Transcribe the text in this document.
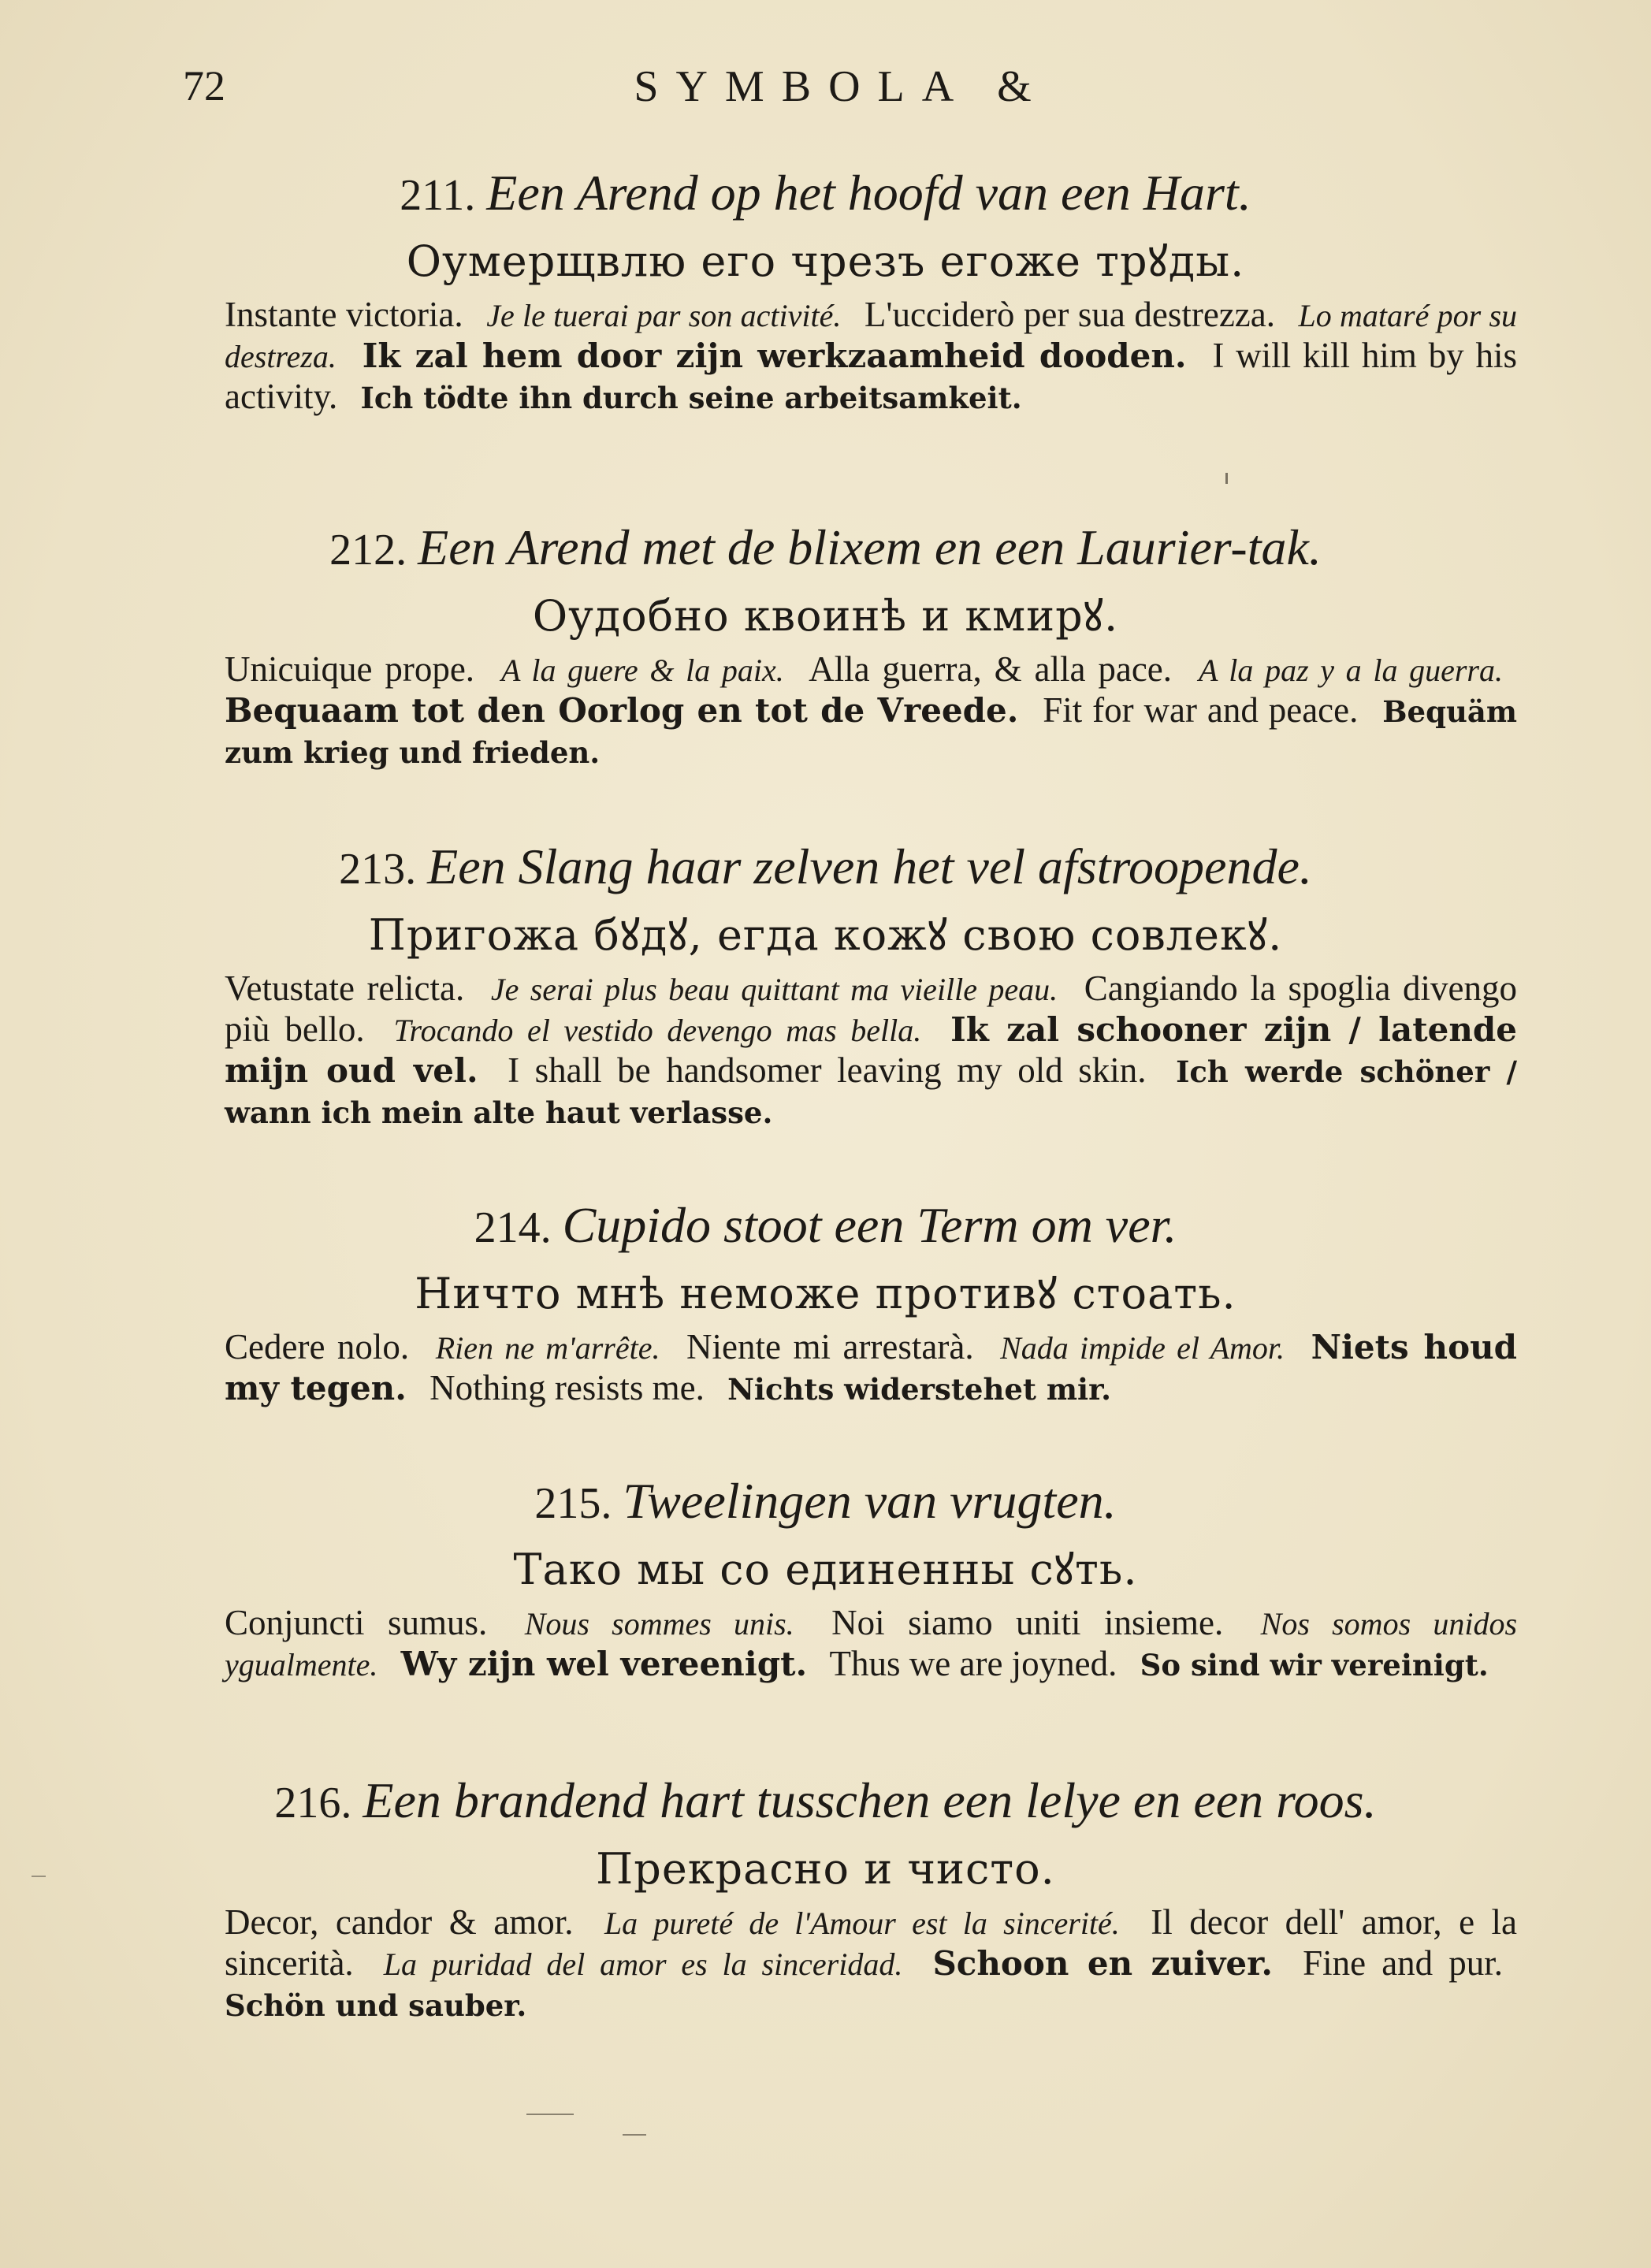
72	SYMBOLA &

211. Een Arend op het hoofd van een Hart.

Оумерщвлю его чрезъ егоже трꙋды.

Instante victoria. Je le tuerai par son activité. L'ucciderò per sua destrezza. Lo mataré por su destreza. Ik zal hem door zijn werkzaamheid dooden. I will kill him by his activity. Ich tödte ihn durch seine arbeitsamkeit.

212. Een Arend met de blixem en een Laurier-tak.

Оудобно квоинѣ и кмирꙋ.

Unicuique prope. A la guere & la paix. Alla guerra, & alla pace. A la paz y a la guerra. Bequaam tot den Oorlog en tot de Vreede. Fit for war and peace. Bequäm zum krieg und frieden.

213. Een Slang haar zelven het vel afstroopende.

Пригожа бꙋдꙋ, егда кожꙋ свою совлекꙋ.

Vetustate relicta. Je serai plus beau quittant ma vieille peau. Cangiando la spoglia divengo più bello. Trocando el vestido devengo mas bella. Ik zal schooner zijn / latende mijn oud vel. I shall be handsomer leaving my old skin. Ich werde schöner / wann ich mein alte haut verlasse.

214. Cupido stoot een Term om ver.

Ничто мнѣ неможе противꙋ стоать.

Cedere nolo. Rien ne m'arrête. Niente mi arrestarà. Nada impide el Amor. Niets houd my tegen. Nothing resists me. Nichts widerstehet mir.

215. Tweelingen van vrugten.

Тако мы со единенны сꙋть.

Conjuncti sumus. Nous sommes unis. Noi siamo uniti insieme. Nos somos unidos ygualmente. Wy zijn wel vereenigt. Thus we are joyned. So sind wir vereinigt.

216. Een brandend hart tusschen een lelye en een roos.

Прекрасно и чисто.

Decor, candor & amor. La pureté de l'Amour est la sincerité. Il decor dell' amor, e la sincerità. La puridad del amor es la sinceridad. Schoon en zuiver. Fine and pur. Schön und sauber.
